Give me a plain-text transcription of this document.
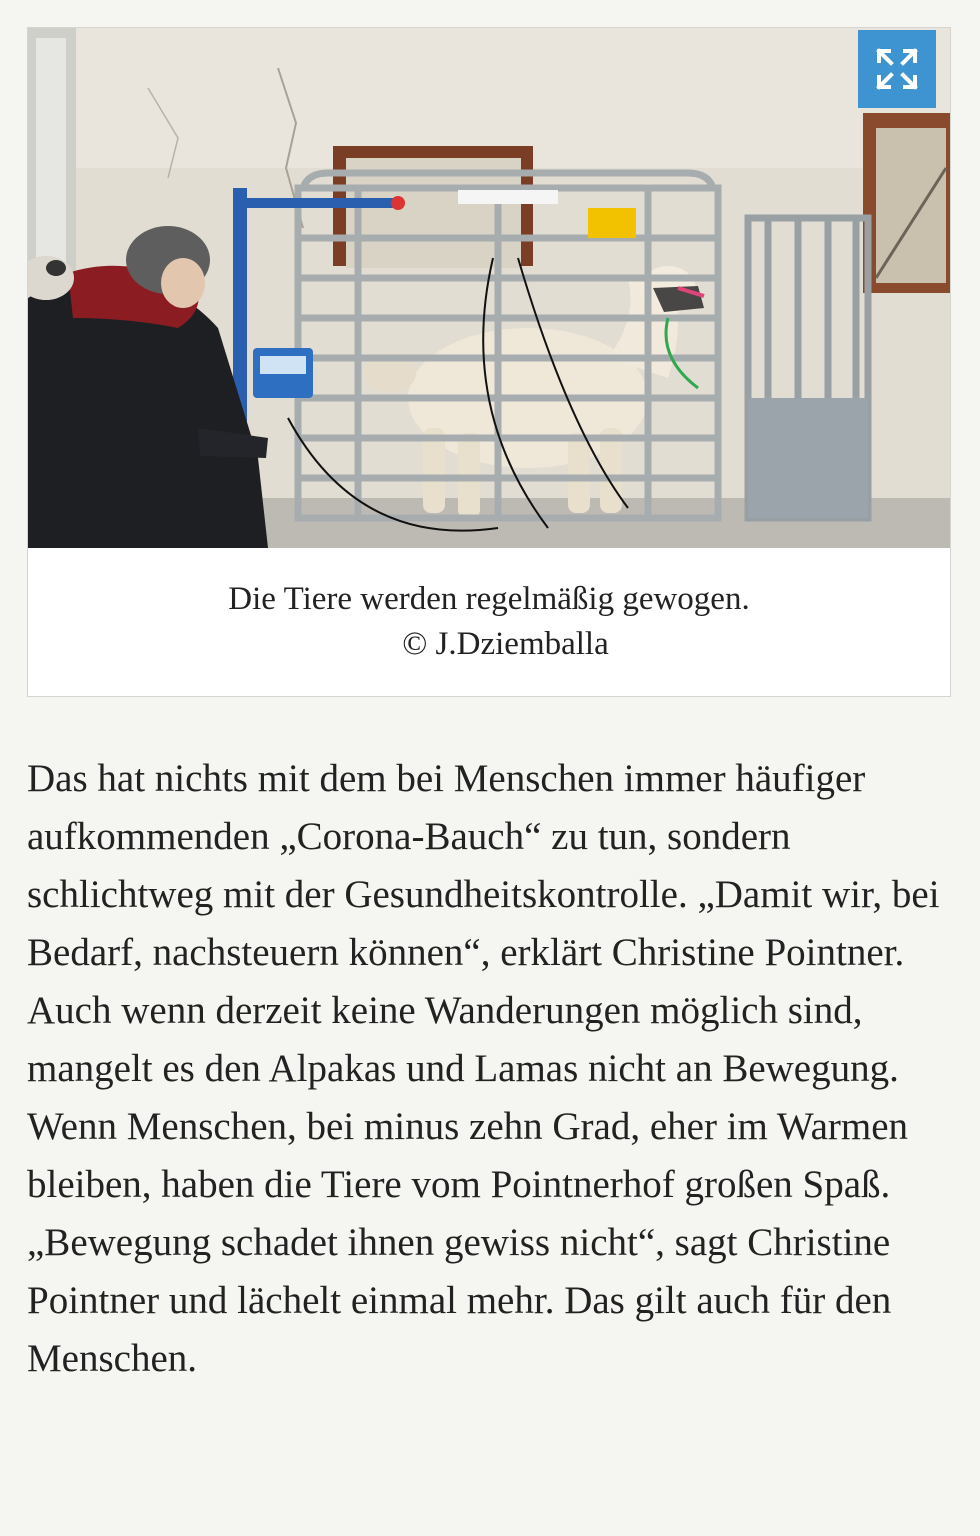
Die Tiere werden regelmäßig gewogen.    © J.Dziemballa

Das hat nichts mit dem bei Menschen immer häufiger aufkommenden „Corona-Bauch“ zu tun, sondern schlichtweg mit der Gesundheitskontrolle. „Damit wir, bei Bedarf, nachsteuern können“, erklärt Christine Pointner. Auch wenn derzeit keine Wanderungen möglich sind, mangelt es den Alpakas und Lamas nicht an Bewegung. Wenn Menschen, bei minus zehn Grad, eher im Warmen bleiben, haben die Tiere vom Pointnerhof großen Spaß. „Bewegung schadet ihnen gewiss nicht“, sagt Christine Pointner und lächelt einmal mehr. Das gilt auch für den Menschen.
